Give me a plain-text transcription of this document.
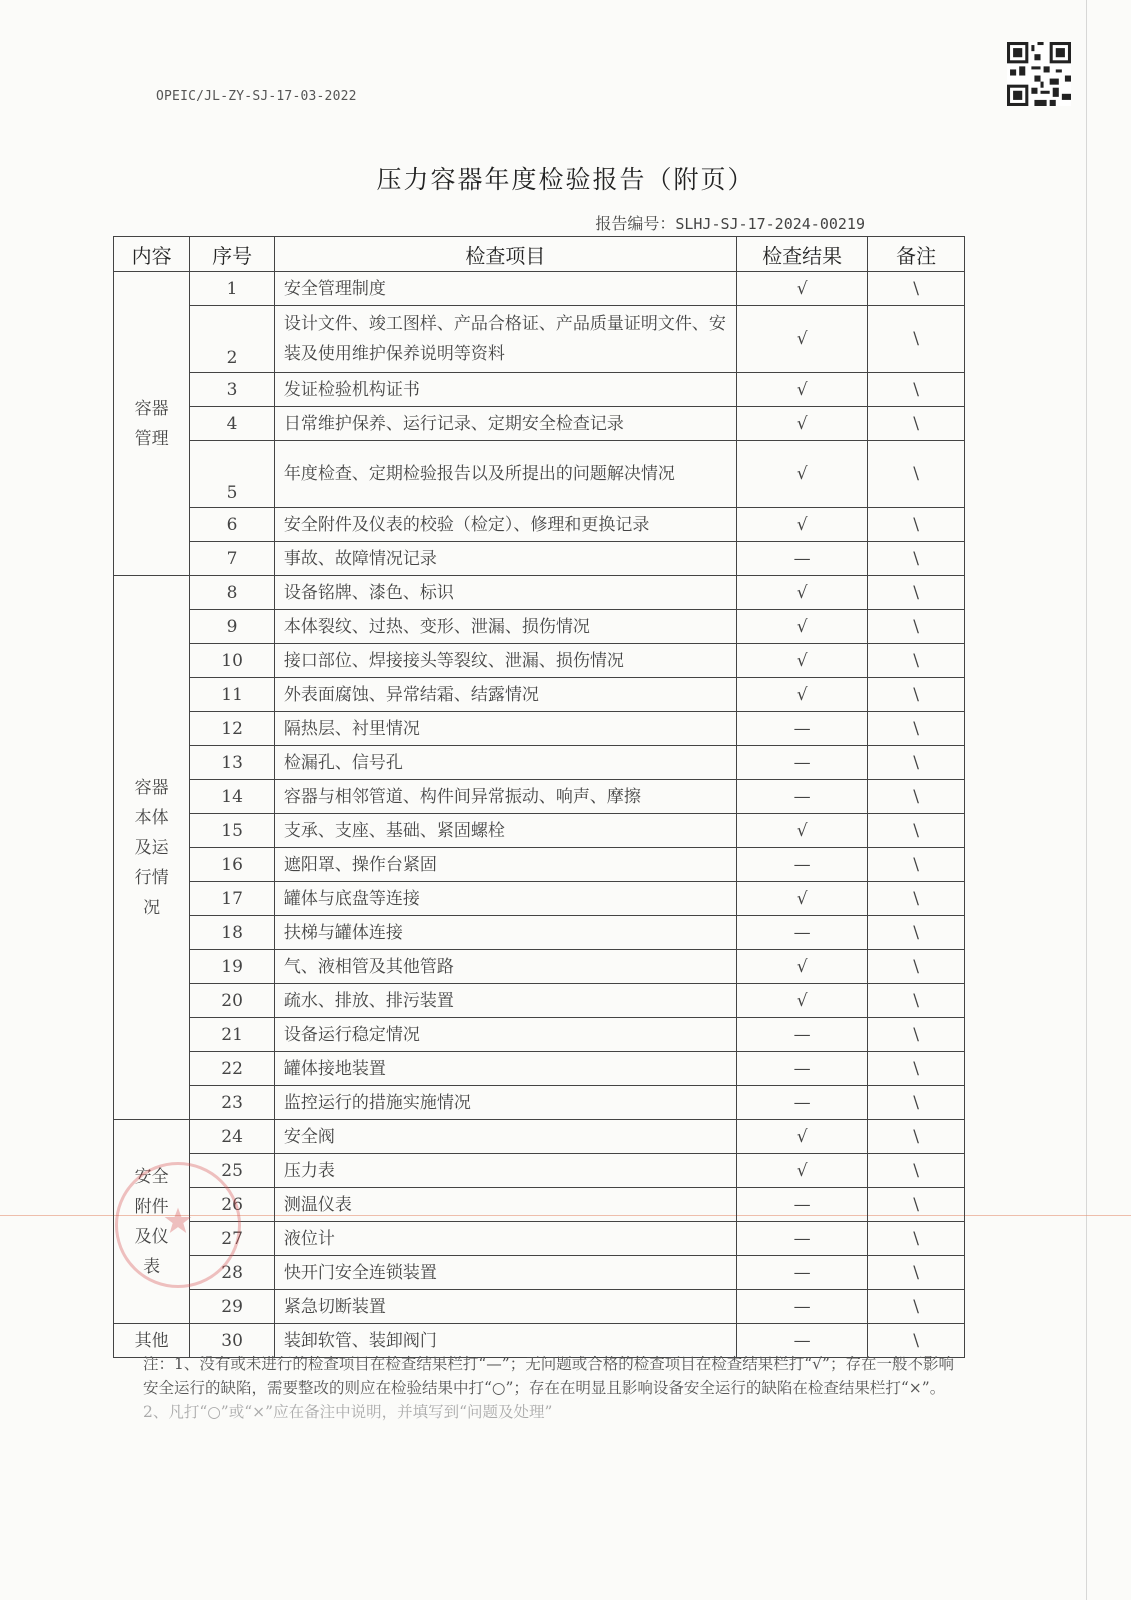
OPEIC/JL-ZY-SJ-17-03-2022
压力容器年度检验报告（附页）
报告编号：SLHJ-SJ-17-2024-00219
内容	序号	检查项目	检查结果	备注
容器管理	1	安全管理制度	√	\
	2	设计文件、竣工图样、产品合格证、产品质量证明文件、安装及使用维护保养说明等资料	√	\
	3	发证检验机构证书	√	\
	4	日常维护保养、运行记录、定期安全检查记录	√	\
	5	年度检查、定期检验报告以及所提出的问题解决情况	√	\
	6	安全附件及仪表的校验（检定）、修理和更换记录	√	\
	7	事故、故障情况记录	—	\
容器本体及运行情况	8	设备铭牌、漆色、标识	√	\
	9	本体裂纹、过热、变形、泄漏、损伤情况	√	\
	10	接口部位、焊接接头等裂纹、泄漏、损伤情况	√	\
	11	外表面腐蚀、异常结霜、结露情况	√	\
	12	隔热层、衬里情况	—	\
	13	检漏孔、信号孔	—	\
	14	容器与相邻管道、构件间异常振动、响声、摩擦	—	\
	15	支承、支座、基础、紧固螺栓	√	\
	16	遮阳罩、操作台紧固	—	\
	17	罐体与底盘等连接	√	\
	18	扶梯与罐体连接	—	\
	19	气、液相管及其他管路	√	\
	20	疏水、排放、排污装置	√	\
	21	设备运行稳定情况	—	\
	22	罐体接地装置	—	\
	23	监控运行的措施实施情况	—	\
安全附件及仪表	24	安全阀	√	\
	25	压力表	√	\
	26	测温仪表	—	\
	27	液位计	—	\
	28	快开门安全连锁装置	—	\
	29	紧急切断装置	—	\
其他	30	装卸软管、装卸阀门	—	\

注：1、没有或未进行的检查项目在检查结果栏打“—”；无问题或合格的检查项目在检查结果栏打“√”；存在一般不影响安全运行的缺陷，需要整改的则应在检验结果中打“○”；存在在明显且影响设备安全运行的缺陷在检查结果栏打“×”。

2、凡打“○”或“×”应在备注中说明，并填写到“问题及处理”
